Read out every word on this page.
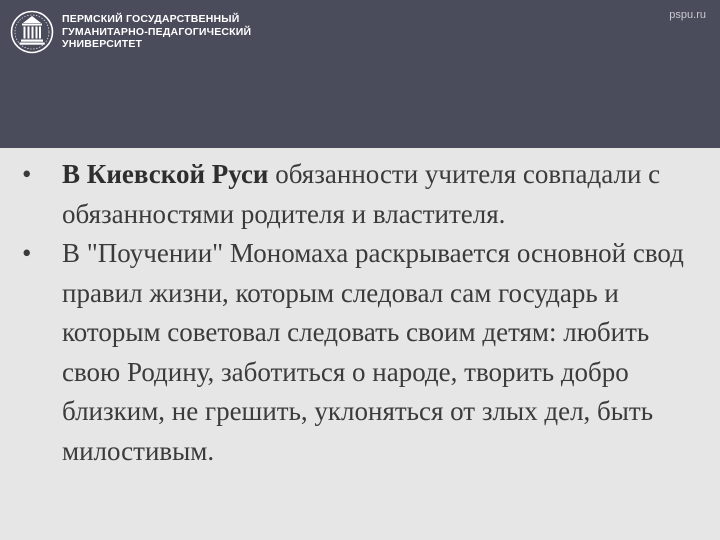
ПЕРМСКИЙ ГОСУДАРСТВЕННЫЙ
ГУМАНИТАРНО-ПЕДАГОГИЧЕСКИЙ
УНИВЕРСИТЕТ
pspu.ru
• В Киевской Руси обязанности учителя совпадали с обязанностями родителя и властителя.
• В "Поучении" Мономаха раскрывается основной свод правил жизни, которым следовал сам государь и которым советовал следовать своим детям: любить свою Родину, заботиться о народе, творить добро близким, не грешить, уклоняться от злых дел, быть милостивым.
